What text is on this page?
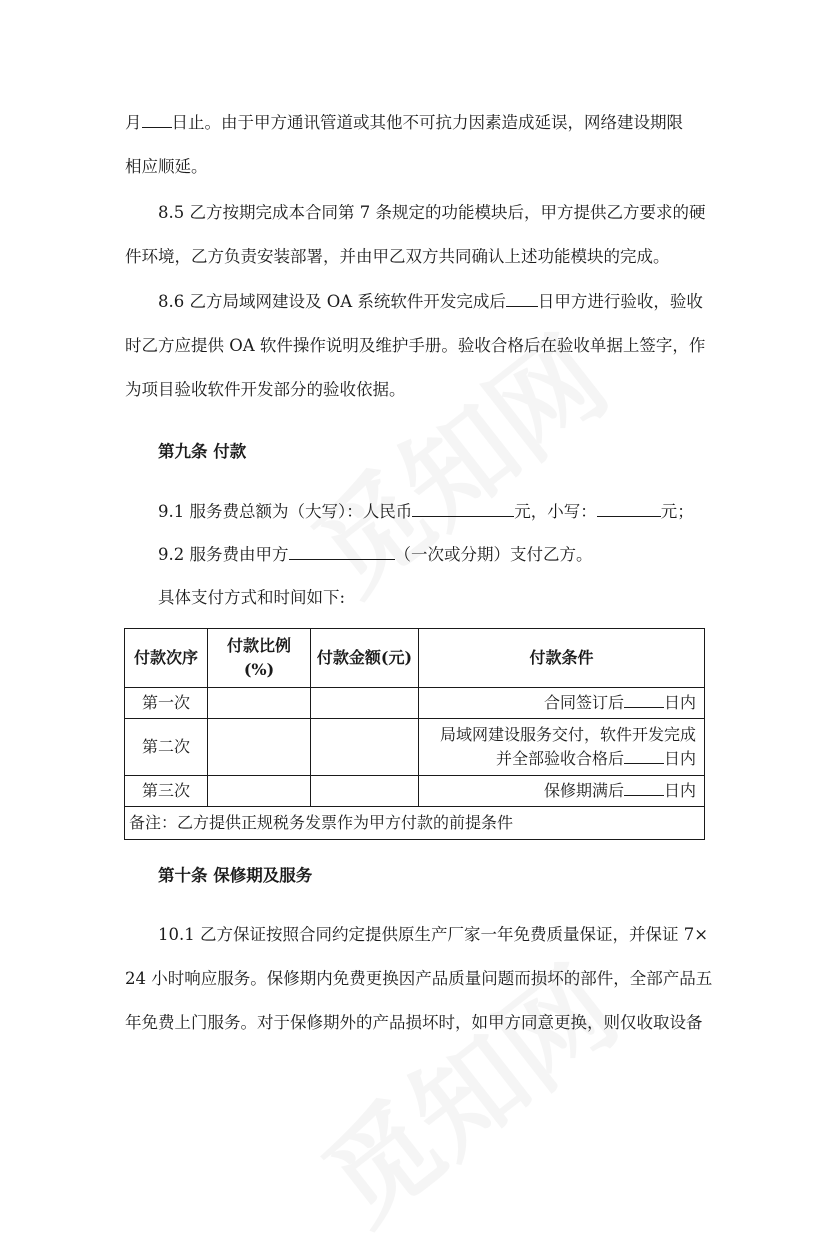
月 日止。由于甲方通讯管道或其他不可抗力因素造成延误，网络建设期限
相应顺延。
8.5 乙方按期完成本合同第 7 条规定的功能模块后，甲方提供乙方要求的硬
件环境，乙方负责安装部署，并由甲乙双方共同确认上述功能模块的完成。
8.6 乙方局域网建设及 OA 系统软件开发完成后 日甲方进行验收，验收
时乙方应提供 OA 软件操作说明及维护手册。验收合格后在验收单据上签字，作
为项目验收软件开发部分的验收依据。
第九条 付款
9.1 服务费总额为（大写）：人民币	元，小写：	元；
9.2 服务费由甲方	（一次或分期）支付乙方。
具体支付方式和时间如下:
付款次序	付款比例(%)	付款金额(元)	付款条件
第一次			合同签订后 日内
第二次			局域网建设服务交付，软件开发完成
并全部验收合格后 日内

第三次			保修期满后 日内
备注：乙方提供正规税务发票作为甲方付款的前提条件			
第十条 保修期及服务
10.1 乙方保证按照合同约定提供原生产厂家一年免费质量保证，并保证 7×
24 小时响应服务。保修期内免费更换因产品质量问题而损坏的部件，全部产品五
年免费上门服务。对于保修期外的产品损坏时，如甲方同意更换，则仅收取设备
